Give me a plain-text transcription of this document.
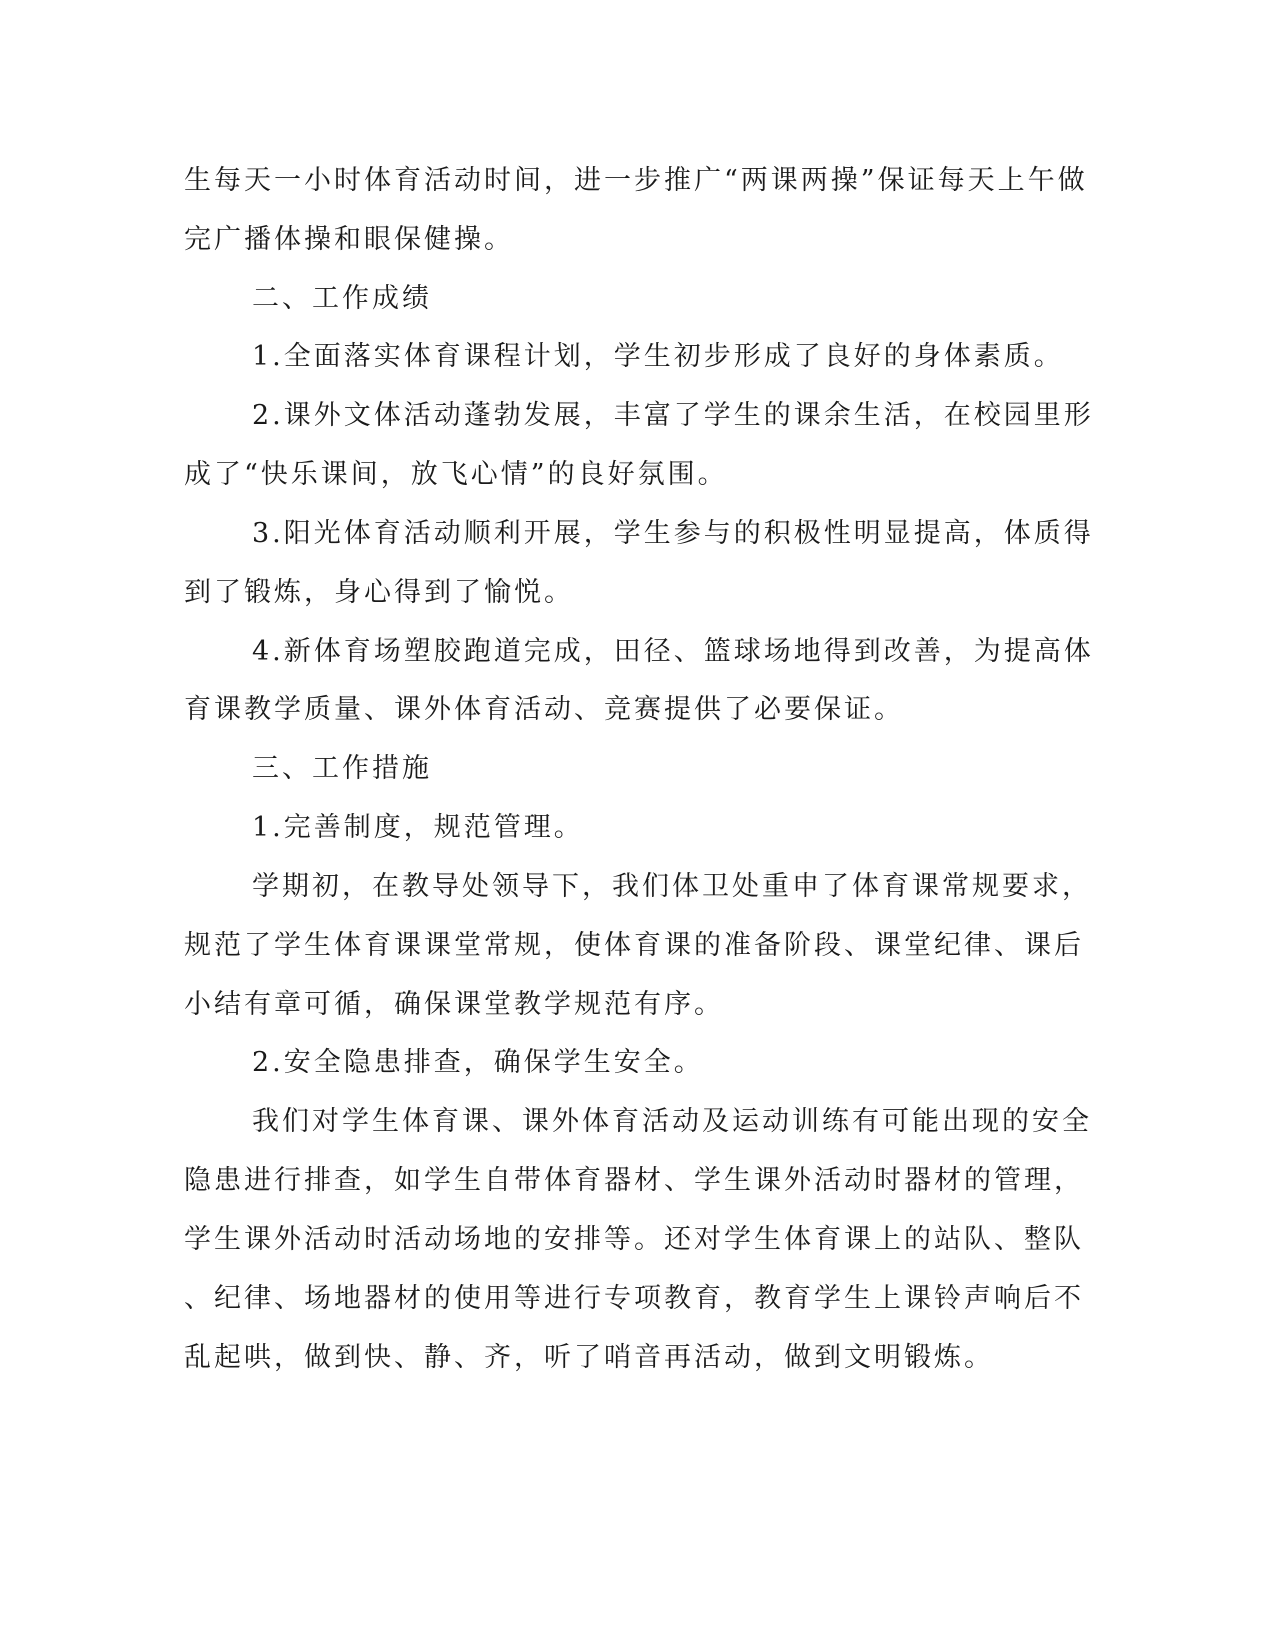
生每天一小时体育活动时间，进一步推广“两课两操”保证每天上午做
完广播体操和眼保健操。
二、工作成绩
1.全面落实体育课程计划，学生初步形成了良好的身体素质。
2.课外文体活动蓬勃发展，丰富了学生的课余生活，在校园里形
成了“快乐课间，放飞心情”的良好氛围。
3.阳光体育活动顺利开展，学生参与的积极性明显提高，体质得
到了锻炼，身心得到了愉悦。
4.新体育场塑胶跑道完成，田径、篮球场地得到改善，为提高体
育课教学质量、课外体育活动、竞赛提供了必要保证。
三、工作措施
1.完善制度，规范管理。
学期初，在教导处领导下，我们体卫处重申了体育课常规要求，
规范了学生体育课课堂常规，使体育课的准备阶段、课堂纪律、课后
小结有章可循，确保课堂教学规范有序。
2.安全隐患排查，确保学生安全。
我们对学生体育课、课外体育活动及运动训练有可能出现的安全
隐患进行排查，如学生自带体育器材、学生课外活动时器材的管理，
学生课外活动时活动场地的安排等。还对学生体育课上的站队、整队
、纪律、场地器材的使用等进行专项教育，教育学生上课铃声响后不
乱起哄，做到快、静、齐，听了哨音再活动，做到文明锻炼。
